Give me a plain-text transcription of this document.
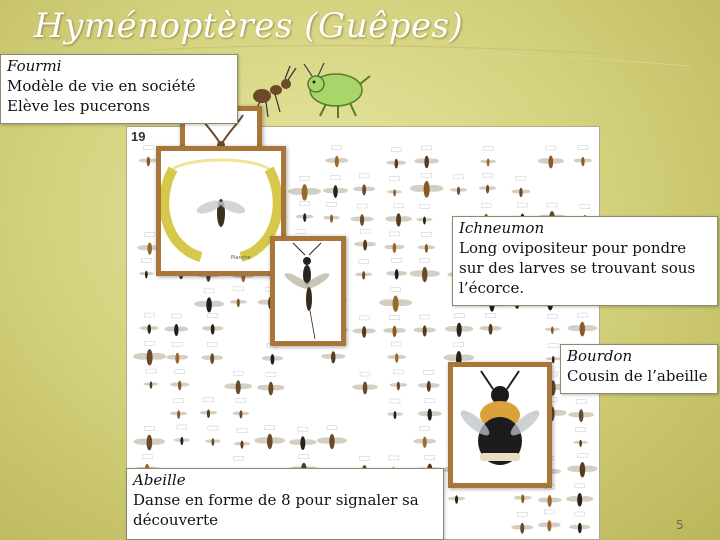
Hyménoptères (Guêpes)
19
Planche
Fourmi
Modèle de vie en société
Elève les pucerons
Ichneumon
Long ovipositeur pour pondre
sur des larves se trouvant sous
l’écorce.
Bourdon
Cousin de l’abeille
Abeille
Danse en forme de 8 pour signaler sa
découverte	5
